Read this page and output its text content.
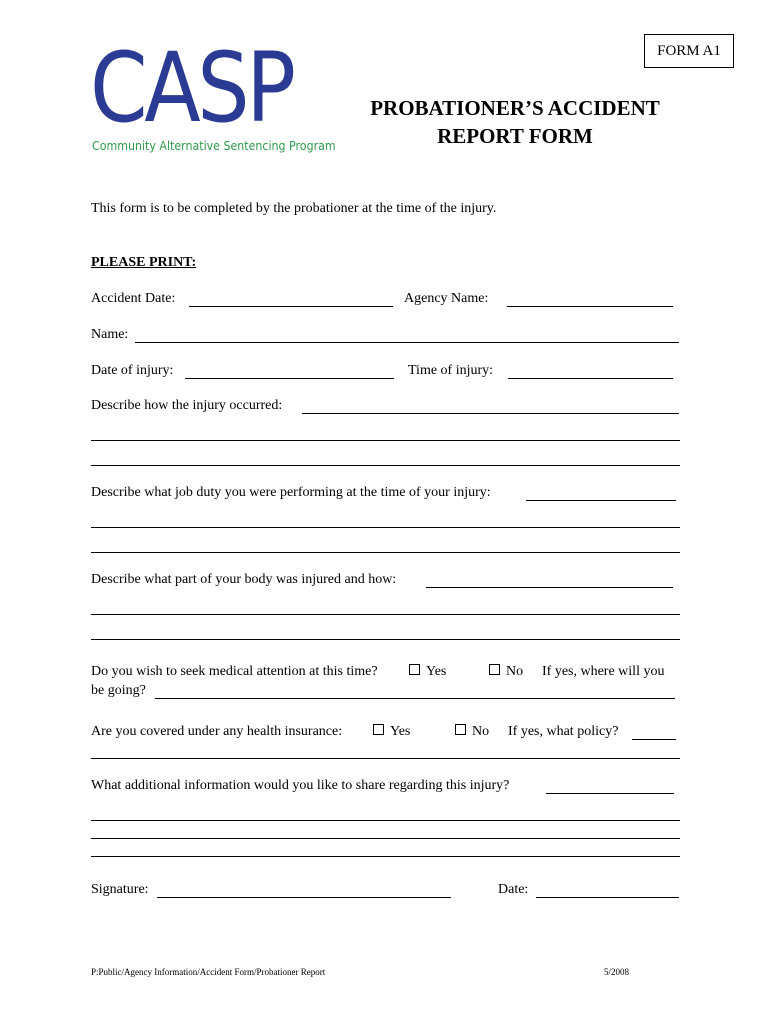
FORM A1
CASP
Community Alternative Sentencing Program
PROBATIONER’S ACCIDENT
REPORT FORM
This form is to be completed by the probationer at the time of the injury.
PLEASE PRINT:
Accident Date:	Agency Name:
Name:
Date of injury:	Time of injury:
Describe how the injury occurred:
Describe what job duty you were performing at the time of your injury:
Describe what part of your body was injured and how:
Do you wish to seek medical attention at this time?	Yes	No If yes, where will you
be going?
Are you covered under any health insurance:	Yes	No If yes, what policy?
What additional information would you like to share regarding this injury?
Signature:	Date:
P:Public/Agency Information/Accident Form/Probationer Report	5/2008
